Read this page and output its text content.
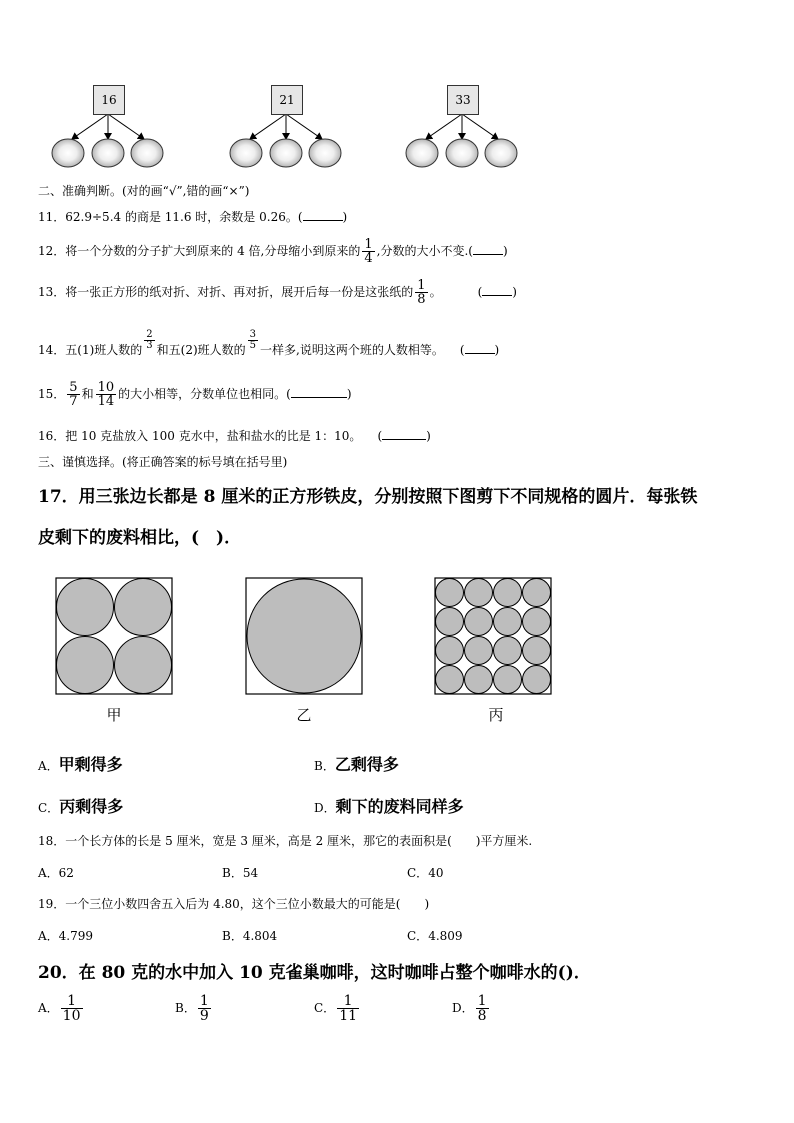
16	21	33
二、准确判断。(对的画“√”,错的画“×”)
11．62.9÷5.4 的商是 11.6 时，余数是 0.26。(	)
12．将一个分数的分子扩大到原来的 4 倍,分母缩小到原来的 $\frac{1}{4}$ ,分数的大小不变.(	)
13．将一张正方形的纸对折、对折、再对折，展开后每一份是这张纸的 $\frac{1}{8}$ 。	(	)
14．五(1)班人数的 $\frac{2}{3}$ 和五(2)班人数的 $\frac{3}{5}$ 一样多,说明这两个班的人数相等。 (	)
15． $\frac{5}{7}$ 和 $\frac{10}{14}$ 的大小相等，分数单位也相同。(	)
16．把 10 克盐放入 100 克水中，盐和盐水的比是 1：10。 (	)
三、谨慎选择。(将正确答案的标号填在括号里)
17．用三张边长都是 8 厘米的正方形铁皮，分别按照下图剪下不同规格的圆片．每张铁
皮剩下的废料相比，(　)．
甲	乙	丙
A．甲剩得多	B．乙剩得多
C．丙剩得多	D．剩下的废料同样多
18．一个长方体的长是 5 厘米，宽是 3 厘米，高是 2 厘米，那它的表面积是(　　)平方厘米.
A．62	B．54	C．40
19．一个三位小数四舍五入后为 4.80，这个三位小数最大的可能是(　　)
A．4.799	B．4.804	C．4.809
20．在 80 克的水中加入 10 克雀巢咖啡，这时咖啡占整个咖啡水的()．
A． $\frac{1}{10}$	B． $\frac{1}{9}$	C． $\frac{1}{11}$	D． $\frac{1}{8}$
